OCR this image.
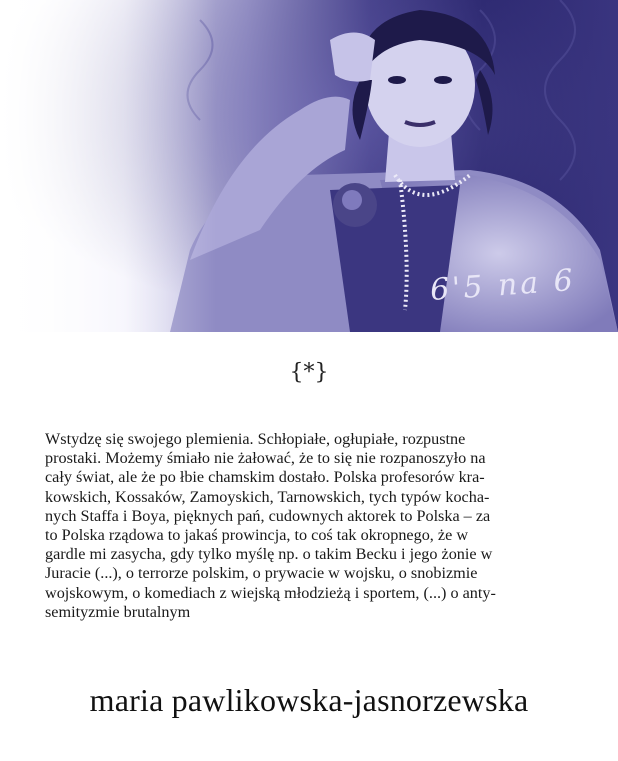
6'5 na 6
{*}

Wstydzę się swojego plemienia. Schłopiałe, ogłupiałe, rozpustne
prostaki. Możemy śmiało nie żałować, że to się nie rozpanoszyło na
cały świat, ale że po łbie chamskim dostało. Polska profesorów kra-
kowskich, Kossaków, Zamoyskich, Tarnowskich, tych typów kocha-
nych Staffa i Boya, pięknych pań, cudownych aktorek to Polska – za
to Polska rządowa to jakaś prowincja, to coś tak okropnego, że w
gardle mi zasycha, gdy tylko myślę np. o takim Becku i jego żonie w
Juracie (...), o terrorze polskim, o prywacie w wojsku, o snobizmie
wojskowym, o komediach z wiejską młodzieżą i sportem, (...) o anty-
semityzmie brutalnym

maria pawlikowska-jasnorzewska
